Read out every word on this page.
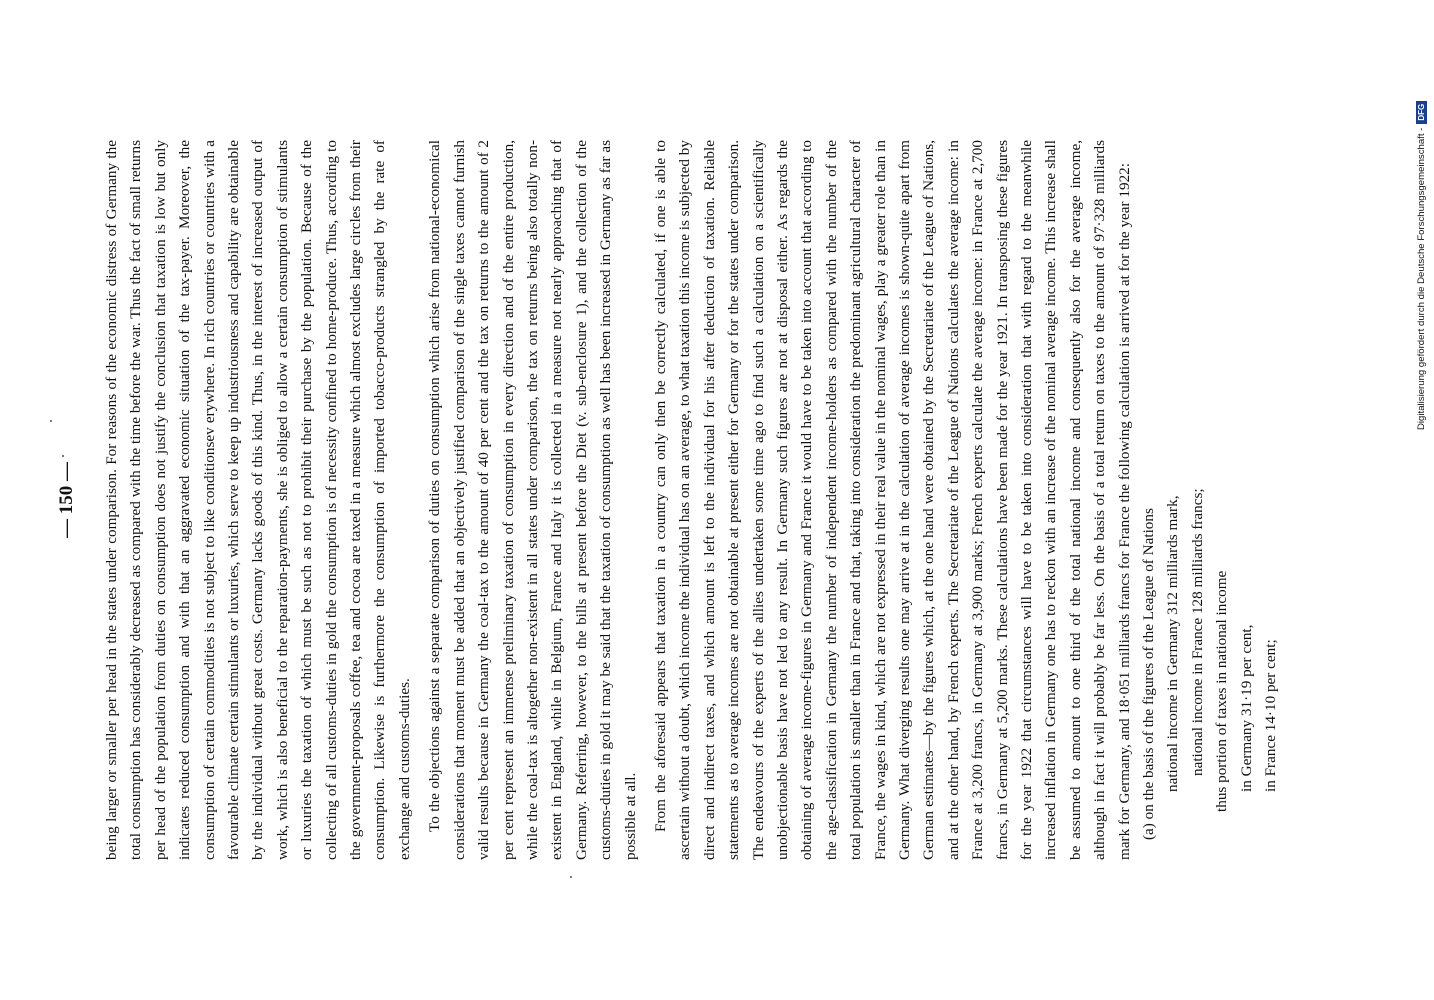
— 150 —	being larger or smaller per head in the states under comparison. For reasons of the economic distress of Germany the total consumption has considerably decreased as compared with the time before the war. Thus the fact of small returns per head of the population from duties on consumption does not justify the conclusion that taxation is low but only indicates reduced consumption and with that an aggravated economic situation of the tax-payer. Moreover, the consumption of certain commodities is not subject to like conditionsev erywhere. In rich countries or countries with a favourable climate certain stimulants or luxuries, which serve to keep up industriousness and capability are obtainable by the individual without great costs. Germany lacks goods of this kind. Thus, in the interest of increased output of work, which is also beneficial to the reparation-payments, she is obliged to allow a certain consumption of stimulants or luxuries the taxation of which must be such as not to prohibit their purchase by the population. Because of the collecting of all customs-duties in gold the consumption is of necessity confined to home-produce. Thus, according to the government-proposals coffee, tea and cocoa are taxed in a measure which almost excludes large circles from their consumption. Likewise is furthermore the consumption of imported tobacco-products strangled by the rate of exchange and customs-duties. To the objections against a separate comparison of duties on consumption which arise from national-economical considerations that moment must be added that an objectively justified comparison of the single taxes cannot furnish valid results because in Germany the coal-tax to the amount of 40 per cent and the tax on returns to the amount of 2 per cent represent an immense preliminary taxation of consumption in every direction and of the entire production, while the coal-tax is altogether non-existent in all states under comparison, the tax on returns being also totally non-existent in England, while in Belgium, France and Italy it is collected in a measure not nearly approaching that of Germany. Referring, however, to the bills at present before the Diet (v. sub-enclosure 1), and the collection of the customs-duties in gold it may be said that the taxation of consumption as well has been increased in Germany as far as possible at all. From the aforesaid appears that taxation in a country can only then be correctly calculated, if one is able to ascertain without a doubt, which income the individual has on an average, to what taxation this income is subjected by direct and indirect taxes, and which amount is left to the individual for his after deduction of taxation. Reliable statements as to average incomes are not obtainable at present either for Germany or for the states under comparison. The endeavours of the experts of the allies undertaken some time ago to find such a calculation on a scientifically unobjectionable basis have not led to any result. In Germany such figures are not at disposal either. As regards the obtaining of average income-figures in Germany and France it would have to be taken into account that according to the age-classification in Germany the number of independent income-holders as compared with the number of the total population is smaller than in France and that, taking into consideration the predominant agricultural character of France, the wages in kind, which are not expressed in their real value in the nominal wages, play a greater role than in Germany. What diverging results one may arrive at in the calculation of average incomes is shown-quite apart from German estimates—by the figures which, at the one hand were obtained by the Secretariate of the League of Nations, and at the other hand, by French experts. The Secretariate of the League of Nations calculates the average income: in France at 3,200 francs, in Germany at 3,900 marks; French experts calculate the average income: in France at 2,700 francs, in Germany at 5,200 marks. These calculations have been made for the year 1921. In transposing these figures for the year 1922 that circumstances will have to be taken into consideration that with regard to the meanwhile increased inflation in Germany one has to reckon with an increase of the nominal average income. This increase shall be assumed to amount to one third of the total national income and consequently also for the average income, although in fact it will probably be far less. On the basis of a total return on taxes to the amount of 97·328 milliards mark for Germany, and 18·051 milliards francs for France the following calculation is arrived at for the year 1922: (a) on the basis of the figures of the League of Nations national income in Germany 312 milliards mark, national income in France 128 milliards francs; thus portion of taxes in national income in Germany 31·19 per cent, in France 14·10 per cent;
Digitalisierung gefördert durch die Deutsche Forschungsgemeinschaft -
DFG
